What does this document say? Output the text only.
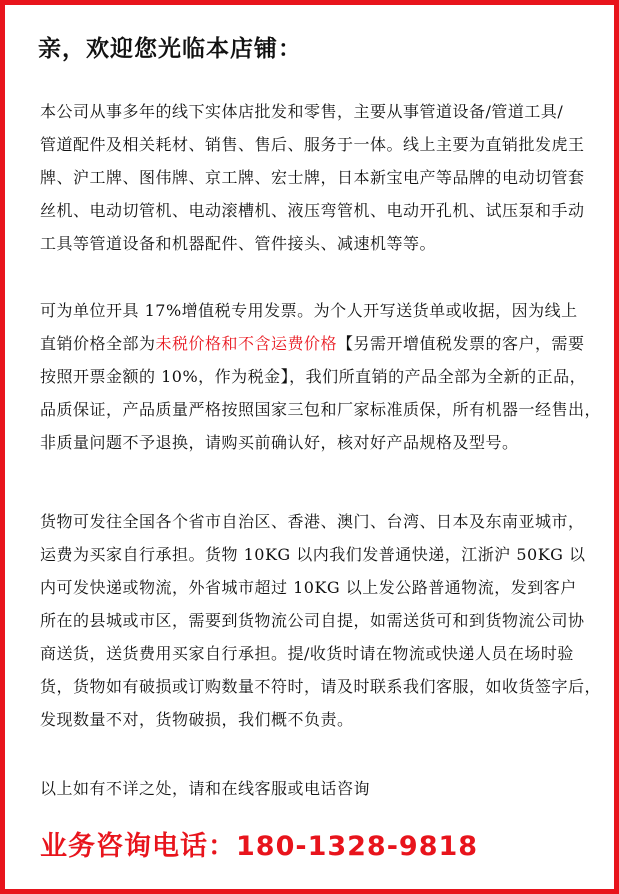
亲，欢迎您光临本店铺：
本公司从事多年的线下实体店批发和零售，主要从事管道设备/管道工具/
管道配件及相关耗材、销售、售后、服务于一体。线上主要为直销批发虎王
牌、沪工牌、图伟牌、京工牌、宏士牌，日本新宝电产等品牌的电动切管套
丝机、电动切管机、电动滚槽机、液压弯管机、电动开孔机、试压泵和手动
工具等管道设备和机器配件、管件接头、减速机等等。
可为单位开具 17%增值税专用发票。为个人开写送货单或收据，因为线上
直销价格全部为未税价格和不含运费价格【另需开增值税发票的客户，需要
按照开票金额的 10%，作为税金】，我们所直销的产品全部为全新的正品，
品质保证，产品质量严格按照国家三包和厂家标准质保，所有机器一经售出，
非质量问题不予退换，请购买前确认好，核对好产品规格及型号。
货物可发往全国各个省市自治区、香港、澳门、台湾、日本及东南亚城市，
运费为买家自行承担。货物 10KG 以内我们发普通快递，江浙沪 50KG 以
内可发快递或物流，外省城市超过 10KG 以上发公路普通物流，发到客户
所在的县城或市区，需要到货物流公司自提，如需送货可和到货物流公司协
商送货，送货费用买家自行承担。提/收货时请在物流或快递人员在场时验
货，货物如有破损或订购数量不符时，请及时联系我们客服，如收货签字后，
发现数量不对，货物破损，我们概不负责。
以上如有不详之处，请和在线客服或电话咨询
业务咨询电话：180-1328-9818
